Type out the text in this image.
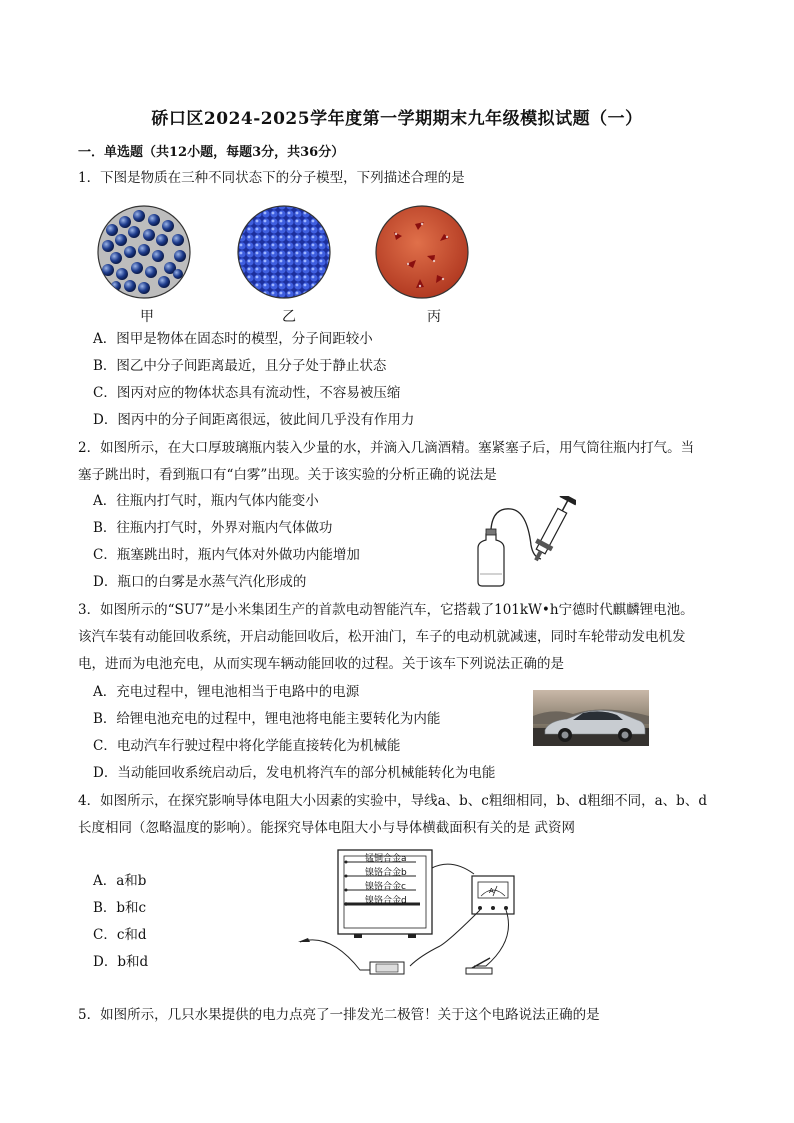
硚口区2024-2025学年度第一学期期末九年级模拟试题（一）
一．单选题（共12小题，每题3分，共36分）
1．下图是物质在三种不同状态下的分子模型，下列描述合理的是
甲	乙	丙
A．图甲是物体在固态时的模型，分子间距较小
B．图乙中分子间距离最近，且分子处于静止状态
C．图丙对应的物体状态具有流动性，不容易被压缩
D．图丙中的分子间距离很远，彼此间几乎没有作用力
2．如图所示，在大口厚玻璃瓶内装入少量的水，并滴入几滴酒精。塞紧塞子后，用气筒往瓶内打气。当
塞子跳出时，看到瓶口有“白雾”出现。关于该实验的分析正确的说法是
A．往瓶内打气时，瓶内气体内能变小
B．往瓶内打气时，外界对瓶内气体做功
C．瓶塞跳出时，瓶内气体对外做功内能增加
D．瓶口的白雾是水蒸气汽化形成的
3．如图所示的“SU7”是小米集团生产的首款电动智能汽车，它搭载了101kW•h宁德时代麒麟锂电池。
该汽车装有动能回收系统，开启动能回收后，松开油门，车子的电动机就减速，同时车轮带动发电机发
电，进而为电池充电，从而实现车辆动能回收的过程。关于该车下列说法正确的是
A．充电过程中，锂电池相当于电路中的电源
B．给锂电池充电的过程中，锂电池将电能主要转化为内能
C．电动汽车行驶过程中将化学能直接转化为机械能
D．当动能回收系统启动后，发电机将汽车的部分机械能转化为电能
4．如图所示，在探究影响导体电阻大小因素的实验中，导线a、b、c粗细相同，b、d粗细不同，a、b、d
长度相同（忽略温度的影响）。能探究导体电阻大小与导体横截面积有关的是 武资网
A．a和b
B．b和c
C．c和d
D．b和d
A
锰铜合金a
镍铬合金b
镍铬合金c
镍铬合金d
5．如图所示，几只水果提供的电力点亮了一排发光二极管！关于这个电路说法正确的是
